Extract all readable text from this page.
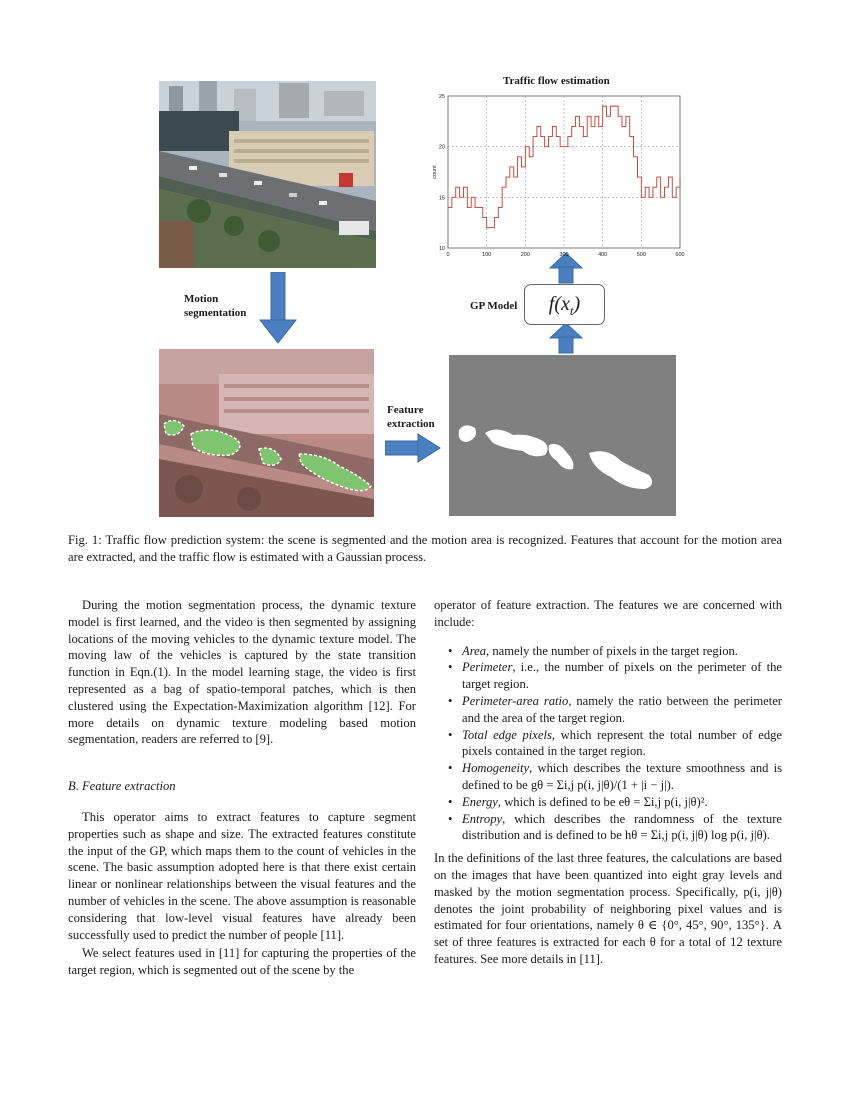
Motion
segmentation
Feature
extraction
GP Model	$f(x_t)$
Traffic flow estimation
0	100	200	300	400	500	600
10
15
20
25
count
Fig. 1: Traffic flow prediction system: the scene is segmented and the motion area is recognized. Features that account for the motion area are extracted, and the traffic flow is estimated with a Gaussian process.

During the motion segmentation process, the dynamic texture model is first learned, and the video is then segmented by assigning locations of the moving vehicles to the dynamic texture model. The moving law of the vehicles is captured by the state transition function in Eqn.(1). In the model learning stage, the video is first represented as a bag of spatio-temporal patches, which is then clustered using the Expectation-Maximization algorithm [12]. For more details on dynamic texture modeling based motion segmentation, readers are referred to [9].

B. Feature extraction

This operator aims to extract features to capture segment properties such as shape and size. The extracted features constitute the input of the GP, which maps them to the count of vehicles in the scene. The basic assumption adopted here is that there exist certain linear or nonlinear relationships between the visual features and the number of vehicles in the scene. The above assumption is reasonable considering that low-level visual features have already been successfully used to predict the number of people [11].

We select features used in [11] for capturing the properties of the target region, which is segmented out of the scene by the

operator of feature extraction. The features we are concerned with include:

• Area, namely the number of pixels in the target region.
• Perimeter, i.e., the number of pixels on the perimeter of the target region.
• Perimeter-area ratio, namely the ratio between the perimeter and the area of the target region.
• Total edge pixels, which represent the total number of edge pixels contained in the target region.
• Homogeneity, which describes the texture smoothness and is defined to be gθ = Σi,j p(i, j|θ)/(1 + |i − j|).
• Energy, which is defined to be eθ = Σi,j p(i, j|θ)².
• Entropy, which describes the randomness of the texture distribution and is defined to be hθ = Σi,j p(i, j|θ) log p(i, j|θ).

In the definitions of the last three features, the calculations are based on the images that have been quantized into eight gray levels and masked by the motion segmentation process. Specifically, p(i, j|θ) denotes the joint probability of neighboring pixel values and is estimated for four orientations, namely θ ∈ {0°, 45°, 90°, 135°}. A set of three features is extracted for each θ for a total of 12 texture features. See more details in [11].
